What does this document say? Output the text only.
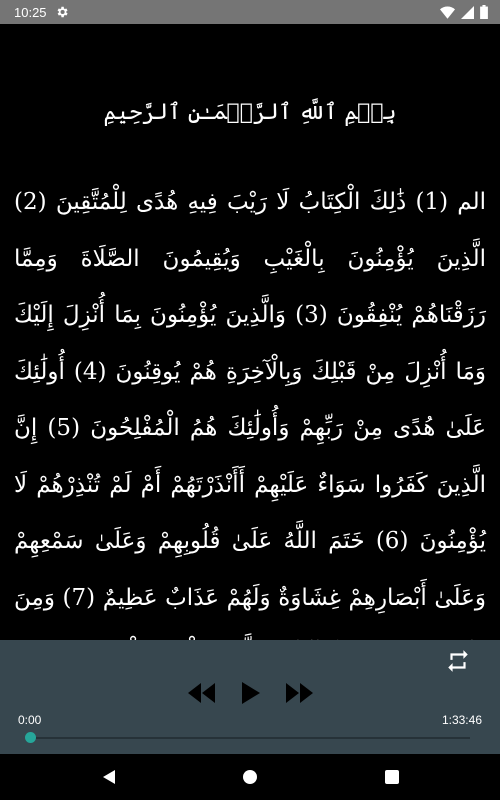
10:25
بِسۡمِ ٱللَّهِ ٱلرَّحۡمَـٰنِ ٱلرَّحِيمِ
الم (1) ذَٰلِكَ الْكِتَابُ لَا رَيْبَ فِيهِ هُدًى لِلْمُتَّقِينَ (2) الَّذِينَ يُؤْمِنُونَ بِالْغَيْبِ وَيُقِيمُونَ الصَّلَاةَ وَمِمَّا رَزَقْنَاهُمْ يُنْفِقُونَ (3) وَالَّذِينَ يُؤْمِنُونَ بِمَا أُنْزِلَ إِلَيْكَ وَمَا أُنْزِلَ مِنْ قَبْلِكَ وَبِالْآخِرَةِ هُمْ يُوقِنُونَ (4) أُولَٰئِكَ عَلَىٰ هُدًى مِنْ رَبِّهِمْ وَأُولَٰئِكَ هُمُ الْمُفْلِحُونَ (5) إِنَّ الَّذِينَ كَفَرُوا سَوَاءٌ عَلَيْهِمْ أَأَنْذَرْتَهُمْ أَمْ لَمْ تُنْذِرْهُمْ لَا يُؤْمِنُونَ (6) خَتَمَ اللَّهُ عَلَىٰ قُلُوبِهِمْ وَعَلَىٰ سَمْعِهِمْ وَعَلَىٰ أَبْصَارِهِمْ غِشَاوَةٌ وَلَهُمْ عَذَابٌ عَظِيمٌ (7) وَمِنَ
0:00	1:33:46
